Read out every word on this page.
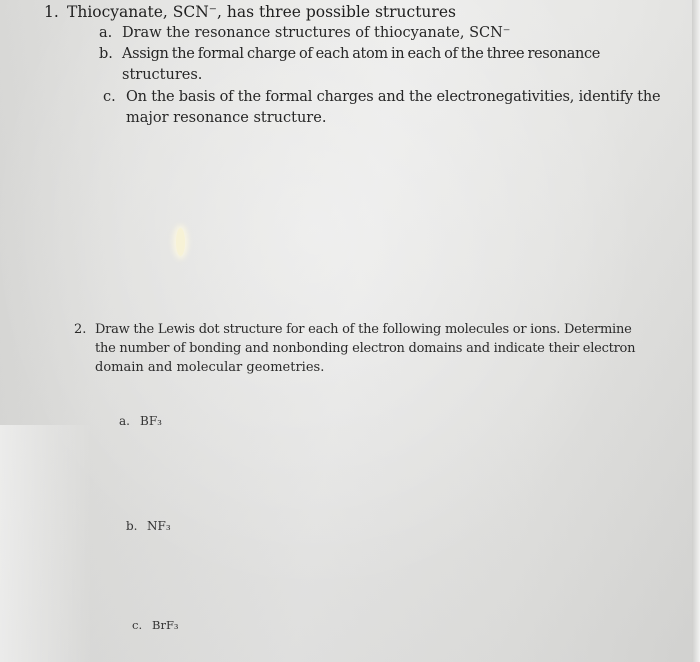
1. Thiocyanate, SCN⁻, has three possible structures
a. Draw the resonance structures of thiocyanate, SCN⁻
b. Assign the formal charge of each atom in each of the three resonance
structures.
c. On the basis of the formal charges and the electronegativities, identify the
major resonance structure.
2. Draw the Lewis dot structure for each of the following molecules or ions. Determine
the number of bonding and nonbonding electron domains and indicate their electron
domain and molecular geometries.
a. BF₃
b. NF₃
c. BrF₃
